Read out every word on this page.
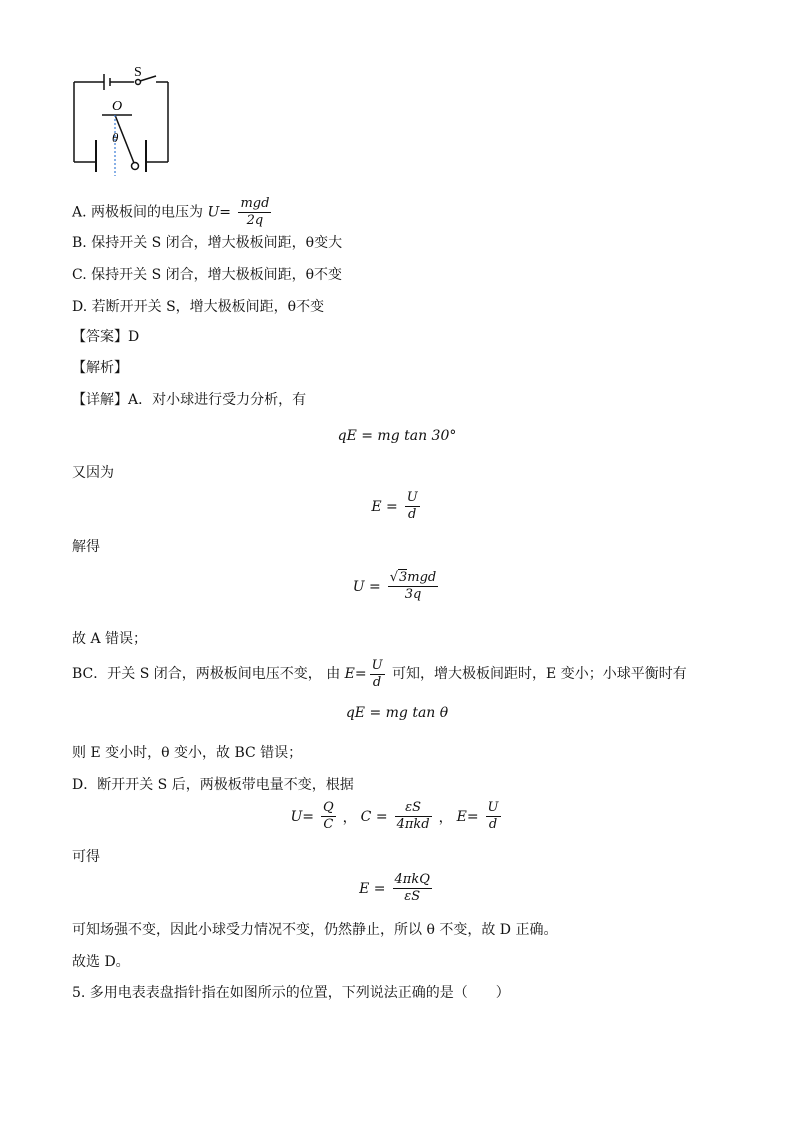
S
O
θ
A. 两极板间的电压为 $U= \frac{\text{mgd}}{2q}$
B. 保持开关 S 闭合，增大极板间距，θ变大
C. 保持开关 S 闭合，增大极板间距，θ不变
D. 若断开开关 S，增大极板间距，θ不变
【答案】D
【解析】
【详解】A．对小球进行受力分析，有
qE = mg tan 30°
又因为
$E = \frac{U}{d}$
解得
$U = \frac{\text{√3mgd}}{3q}$
故 A 错误；
BC．开关 S 闭合，两极板间电压不变， 由 $E= \frac{U}{d}$ 可知，增大极板间距时，E 变小；小球平衡时有
qE = mg tan θ
则 E 变小时，θ 变小，故 BC 错误；
D．断开开关 S 后，两极板带电量不变，根据
$U= \frac{Q}{C}$ ， $C = \frac{\varepsilon S}{\text{4πkd}}$ ， $E= \frac{U}{d}$
可得
$E = \frac{\text{4πkQ}}{\varepsilon S}$
可知场强不变，因此小球受力情况不变，仍然静止，所以 θ 不变，故 D 正确。
故选 D。
5. 多用电表表盘指针指在如图所示的位置，下列说法正确的是（　　）
